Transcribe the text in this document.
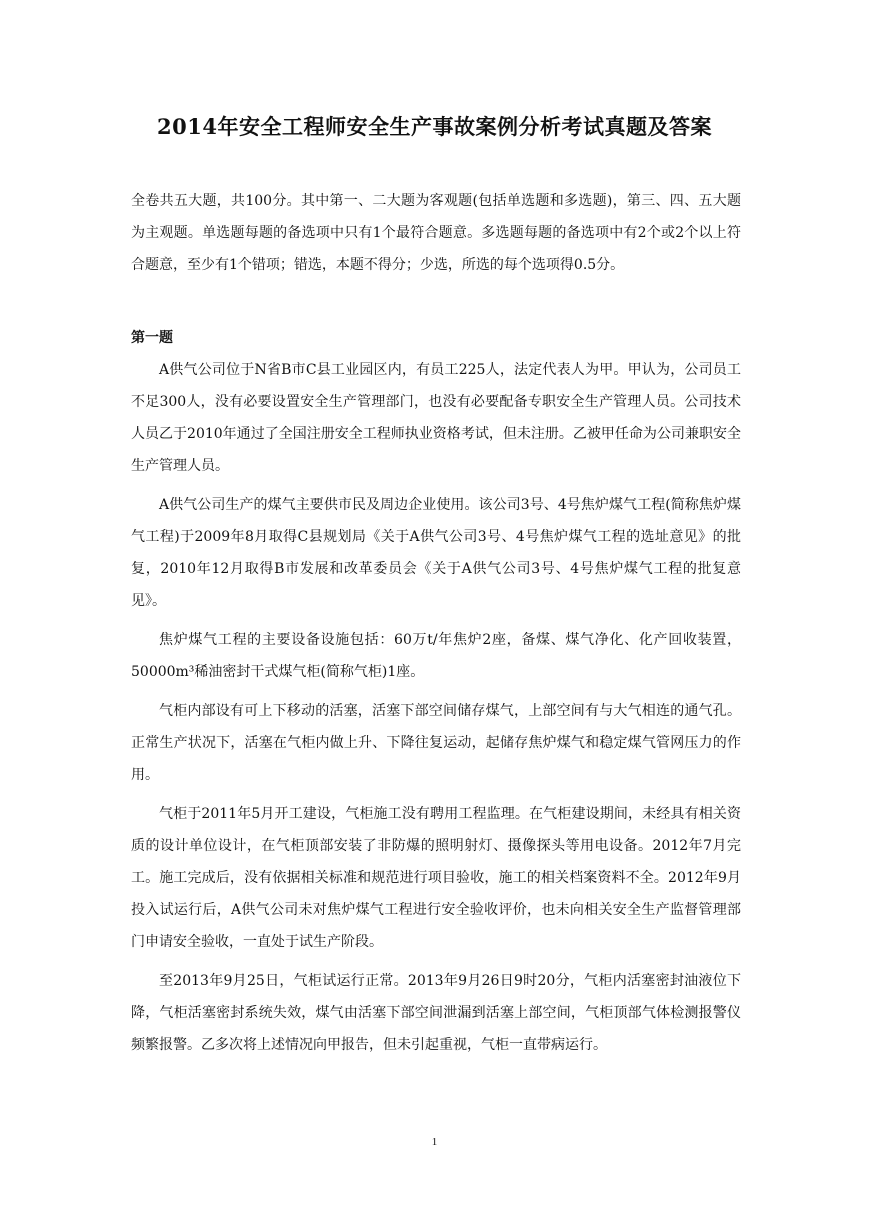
2014年安全工程师安全生产事故案例分析考试真题及答案
全卷共五大题，共100分。其中第一、二大题为客观题(包括单选题和多选题)，第三、四、五大题为主观题。单选题每题的备选项中只有1个最符合题意。多选题每题的备选项中有2个或2个以上符合题意，至少有1个错项；错选，本题不得分；少选，所选的每个选项得0.5分。
第一题

A供气公司位于N省B市C县工业园区内，有员工225人，法定代表人为甲。甲认为，公司员工不足300人，没有必要设置安全生产管理部门，也没有必要配备专职安全生产管理人员。公司技术人员乙于2010年通过了全国注册安全工程师执业资格考试，但未注册。乙被甲任命为公司兼职安全生产管理人员。

A供气公司生产的煤气主要供市民及周边企业使用。该公司3号、4号焦炉煤气工程(简称焦炉煤气工程)于2009年8月取得C县规划局《关于A供气公司3号、4号焦炉煤气工程的选址意见》的批复，2010年12月取得B市发展和改革委员会《关于A供气公司3号、4号焦炉煤气工程的批复意见》。

焦炉煤气工程的主要设备设施包括：60万t/年焦炉2座，备煤、煤气净化、化产回收装置，50000m³稀油密封干式煤气柜(简称气柜)1座。

气柜内部设有可上下移动的活塞，活塞下部空间储存煤气，上部空间有与大气相连的通气孔。正常生产状况下，活塞在气柜内做上升、下降往复运动，起储存焦炉煤气和稳定煤气管网压力的作用。

气柜于2011年5月开工建设，气柜施工没有聘用工程监理。在气柜建设期间，未经具有相关资质的设计单位设计，在气柜顶部安装了非防爆的照明射灯、摄像探头等用电设备。2012年7月完工。施工完成后，没有依据相关标准和规范进行项目验收，施工的相关档案资料不全。2012年9月投入试运行后，A供气公司未对焦炉煤气工程进行安全验收评价，也未向相关安全生产监督管理部门申请安全验收，一直处于试生产阶段。

至2013年9月25日，气柜试运行正常。2013年9月26日9时20分，气柜内活塞密封油液位下降，气柜活塞密封系统失效，煤气由活塞下部空间泄漏到活塞上部空间，气柜顶部气体检测报警仪频繁报警。乙多次将上述情况向甲报告，但未引起重视，气柜一直带病运行。

1
